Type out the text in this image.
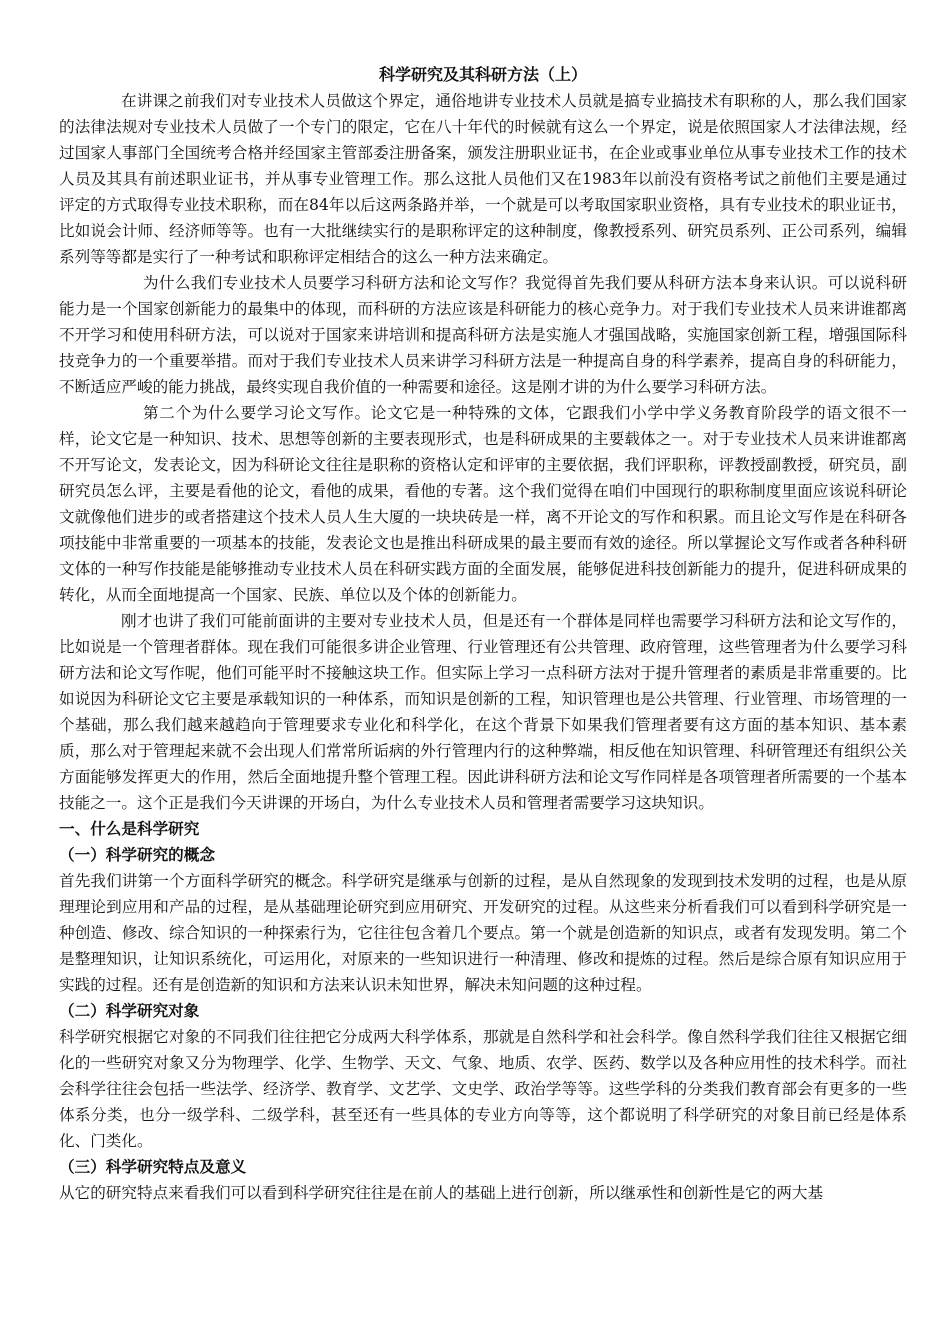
科学研究及其科研方法（上）

在讲课之前我们对专业技术人员做这个界定，通俗地讲专业技术人员就是搞专业搞技术有职称的人，那么我们国家的法律法规对专业技术人员做了一个专门的限定，它在八十年代的时候就有这么一个界定，说是依照国家人才法律法规，经过国家人事部门全国统考合格并经国家主管部委注册备案，颁发注册职业证书，在企业或事业单位从事专业技术工作的技术人员及其具有前述职业证书，并从事专业管理工作。那么这批人员他们又在1983年以前没有资格考试之前他们主要是通过评定的方式取得专业技术职称，而在84年以后这两条路并举，一个就是可以考取国家职业资格，具有专业技术的职业证书，比如说会计师、经济师等等。也有一大批继续实行的是职称评定的这种制度，像教授系列、研究员系列、正公司系列，编辑系列等等都是实行了一种考试和职称评定相结合的这么一种方法来确定。

为什么我们专业技术人员要学习科研方法和论文写作？我觉得首先我们要从科研方法本身来认识。可以说科研能力是一个国家创新能力的最集中的体现，而科研的方法应该是科研能力的核心竞争力。对于我们专业技术人员来讲谁都离不开学习和使用科研方法，可以说对于国家来讲培训和提高科研方法是实施人才强国战略，实施国家创新工程，增强国际科技竞争力的一个重要举措。而对于我们专业技术人员来讲学习科研方法是一种提高自身的科学素养，提高自身的科研能力，不断适应严峻的能力挑战，最终实现自我价值的一种需要和途径。这是刚才讲的为什么要学习科研方法。

第二个为什么要学习论文写作。论文它是一种特殊的文体，它跟我们小学中学义务教育阶段学的语文很不一样，论文它是一种知识、技术、思想等创新的主要表现形式，也是科研成果的主要载体之一。对于专业技术人员来讲谁都离不开写论文，发表论文，因为科研论文往往是职称的资格认定和评审的主要依据，我们评职称，评教授副教授，研究员，副研究员怎么评，主要是看他的论文，看他的成果，看他的专著。这个我们觉得在咱们中国现行的职称制度里面应该说科研论文就像他们进步的或者搭建这个技术人员人生大厦的一块块砖是一样，离不开论文的写作和积累。而且论文写作是在科研各项技能中非常重要的一项基本的技能，发表论文也是推出科研成果的最主要而有效的途径。所以掌握论文写作或者各种科研文体的一种写作技能是能够推动专业技术人员在科研实践方面的全面发展，能够促进科技创新能力的提升，促进科研成果的转化，从而全面地提高一个国家、民族、单位以及个体的创新能力。

刚才也讲了我们可能前面讲的主要对专业技术人员，但是还有一个群体是同样也需要学习科研方法和论文写作的，比如说是一个管理者群体。现在我们可能很多讲企业管理、行业管理还有公共管理、政府管理，这些管理者为什么要学习科研方法和论文写作呢，他们可能平时不接触这块工作。但实际上学习一点科研方法对于提升管理者的素质是非常重要的。比如说因为科研论文它主要是承载知识的一种体系，而知识是创新的工程，知识管理也是公共管理、行业管理、市场管理的一个基础，那么我们越来越趋向于管理要求专业化和科学化，在这个背景下如果我们管理者要有这方面的基本知识、基本素质，那么对于管理起来就不会出现人们常常所诟病的外行管理内行的这种弊端，相反他在知识管理、科研管理还有组织公关方面能够发挥更大的作用，然后全面地提升整个管理工程。因此讲科研方法和论文写作同样是各项管理者所需要的一个基本技能之一。这个正是我们今天讲课的开场白，为什么专业技术人员和管理者需要学习这块知识。

一、什么是科学研究
（一）科学研究的概念

首先我们讲第一个方面科学研究的概念。科学研究是继承与创新的过程，是从自然现象的发现到技术发明的过程，也是从原理理论到应用和产品的过程，是从基础理论研究到应用研究、开发研究的过程。从这些来分析看我们可以看到科学研究是一种创造、修改、综合知识的一种探索行为，它往往包含着几个要点。第一个就是创造新的知识点，或者有发现发明。第二个是整理知识，让知识系统化，可运用化，对原来的一些知识进行一种清理、修改和提炼的过程。然后是综合原有知识应用于实践的过程。还有是创造新的知识和方法来认识未知世界，解决未知问题的这种过程。

（二）科学研究对象

科学研究根据它对象的不同我们往往把它分成两大科学体系，那就是自然科学和社会科学。像自然科学我们往往又根据它细化的一些研究对象又分为物理学、化学、生物学、天文、气象、地质、农学、医药、数学以及各种应用性的技术科学。而社会科学往往会包括一些法学、经济学、教育学、文艺学、文史学、政治学等等。这些学科的分类我们教育部会有更多的一些体系分类，也分一级学科、二级学科，甚至还有一些具体的专业方向等等，这个都说明了科学研究的对象目前已经是体系化、门类化。

（三）科学研究特点及意义

从它的研究特点来看我们可以看到科学研究往往是在前人的基础上进行创新，所以继承性和创新性是它的两大基
